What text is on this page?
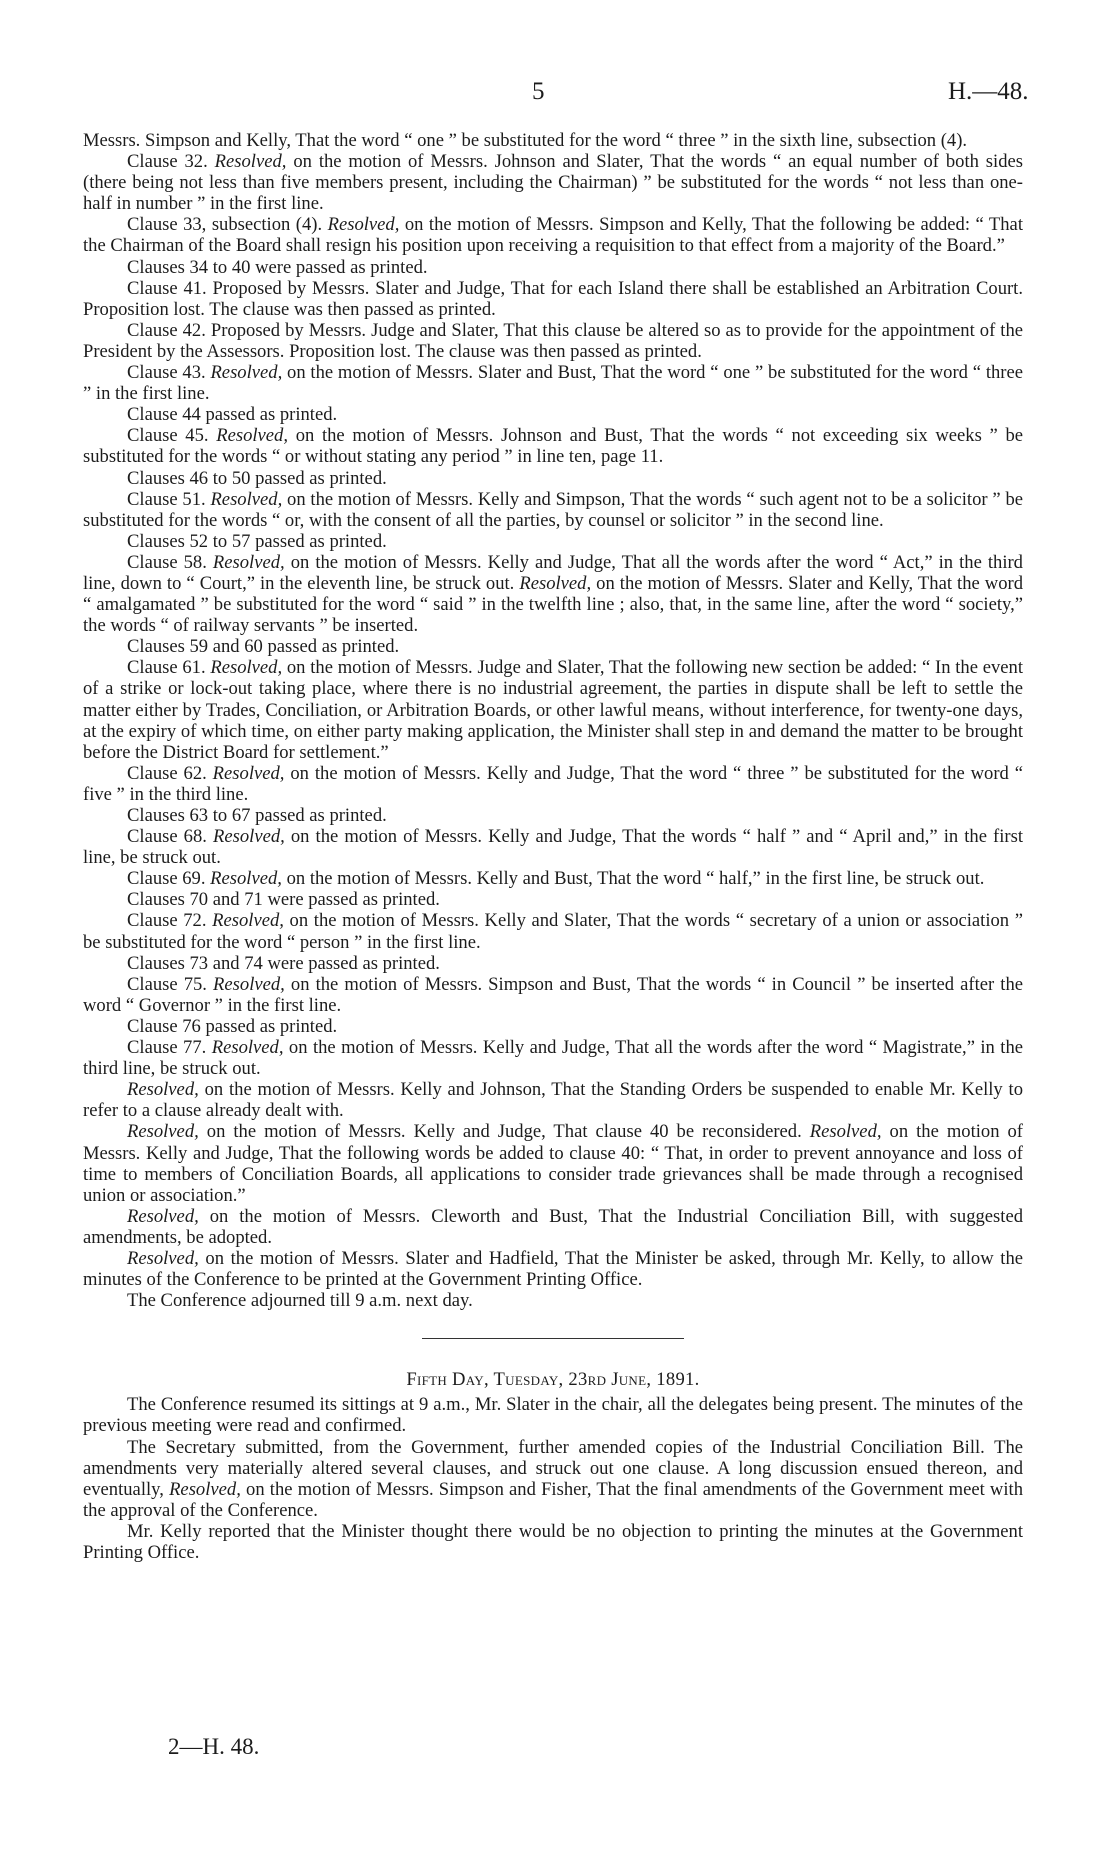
5	H.—48.

Messrs. Simpson and Kelly, That the word “ one ” be substituted for the word “ three ” in the sixth line, subsection (4).

Clause 32. Resolved, on the motion of Messrs. Johnson and Slater, That the words “ an equal number of both sides (there being not less than five members present, including the Chairman) ” be substituted for the words “ not less than one-half in number ” in the first line.

Clause 33, subsection (4). Resolved, on the motion of Messrs. Simpson and Kelly, That the following be added: “ That the Chairman of the Board shall resign his position upon receiving a requisition to that effect from a majority of the Board.”

Clauses 34 to 40 were passed as printed.

Clause 41. Proposed by Messrs. Slater and Judge, That for each Island there shall be established an Arbitration Court. Proposition lost. The clause was then passed as printed.

Clause 42. Proposed by Messrs. Judge and Slater, That this clause be altered so as to provide for the appointment of the President by the Assessors. Proposition lost. The clause was then passed as printed.

Clause 43. Resolved, on the motion of Messrs. Slater and Bust, That the word “ one ” be substituted for the word “ three ” in the first line.

Clause 44 passed as printed.

Clause 45. Resolved, on the motion of Messrs. Johnson and Bust, That the words “ not exceeding six weeks ” be substituted for the words “ or without stating any period ” in line ten, page 11.

Clauses 46 to 50 passed as printed.

Clause 51. Resolved, on the motion of Messrs. Kelly and Simpson, That the words “ such agent not to be a solicitor ” be substituted for the words “ or, with the consent of all the parties, by counsel or solicitor ” in the second line.

Clauses 52 to 57 passed as printed.

Clause 58. Resolved, on the motion of Messrs. Kelly and Judge, That all the words after the word “ Act,” in the third line, down to “ Court,” in the eleventh line, be struck out. Resolved, on the motion of Messrs. Slater and Kelly, That the word “ amalgamated ” be substituted for the word “ said ” in the twelfth line ; also, that, in the same line, after the word “ society,” the words “ of railway servants ” be inserted.

Clauses 59 and 60 passed as printed.

Clause 61. Resolved, on the motion of Messrs. Judge and Slater, That the following new section be added: “ In the event of a strike or lock-out taking place, where there is no industrial agreement, the parties in dispute shall be left to settle the matter either by Trades, Conciliation, or Arbitration Boards, or other lawful means, without interference, for twenty-one days, at the expiry of which time, on either party making application, the Minister shall step in and demand the matter to be brought before the District Board for settlement.”

Clause 62. Resolved, on the motion of Messrs. Kelly and Judge, That the word “ three ” be substituted for the word “ five ” in the third line.

Clauses 63 to 67 passed as printed.

Clause 68. Resolved, on the motion of Messrs. Kelly and Judge, That the words “ half ” and “ April and,” in the first line, be struck out.

Clause 69. Resolved, on the motion of Messrs. Kelly and Bust, That the word “ half,” in the first line, be struck out.

Clauses 70 and 71 were passed as printed.

Clause 72. Resolved, on the motion of Messrs. Kelly and Slater, That the words “ secretary of a union or association ” be substituted for the word “ person ” in the first line.

Clauses 73 and 74 were passed as printed.

Clause 75. Resolved, on the motion of Messrs. Simpson and Bust, That the words “ in Council ” be inserted after the word “ Governor ” in the first line.

Clause 76 passed as printed.

Clause 77. Resolved, on the motion of Messrs. Kelly and Judge, That all the words after the word “ Magistrate,” in the third line, be struck out.

Resolved, on the motion of Messrs. Kelly and Johnson, That the Standing Orders be suspended to enable Mr. Kelly to refer to a clause already dealt with.

Resolved, on the motion of Messrs. Kelly and Judge, That clause 40 be reconsidered. Resolved, on the motion of Messrs. Kelly and Judge, That the following words be added to clause 40: “ That, in order to prevent annoyance and loss of time to members of Conciliation Boards, all applications to consider trade grievances shall be made through a recognised union or association.”

Resolved, on the motion of Messrs. Cleworth and Bust, That the Industrial Conciliation Bill, with suggested amendments, be adopted.

Resolved, on the motion of Messrs. Slater and Hadfield, That the Minister be asked, through Mr. Kelly, to allow the minutes of the Conference to be printed at the Government Printing Office.

The Conference adjourned till 9 a.m. next day.

Fifth Day, Tuesday, 23rd June, 1891.

The Conference resumed its sittings at 9 a.m., Mr. Slater in the chair, all the delegates being present. The minutes of the previous meeting were read and confirmed.

The Secretary submitted, from the Government, further amended copies of the Industrial Conciliation Bill. The amendments very materially altered several clauses, and struck out one clause. A long discussion ensued thereon, and eventually, Resolved, on the motion of Messrs. Simpson and Fisher, That the final amendments of the Government meet with the approval of the Conference.

Mr. Kelly reported that the Minister thought there would be no objection to printing the minutes at the Government Printing Office.

2—H. 48.
